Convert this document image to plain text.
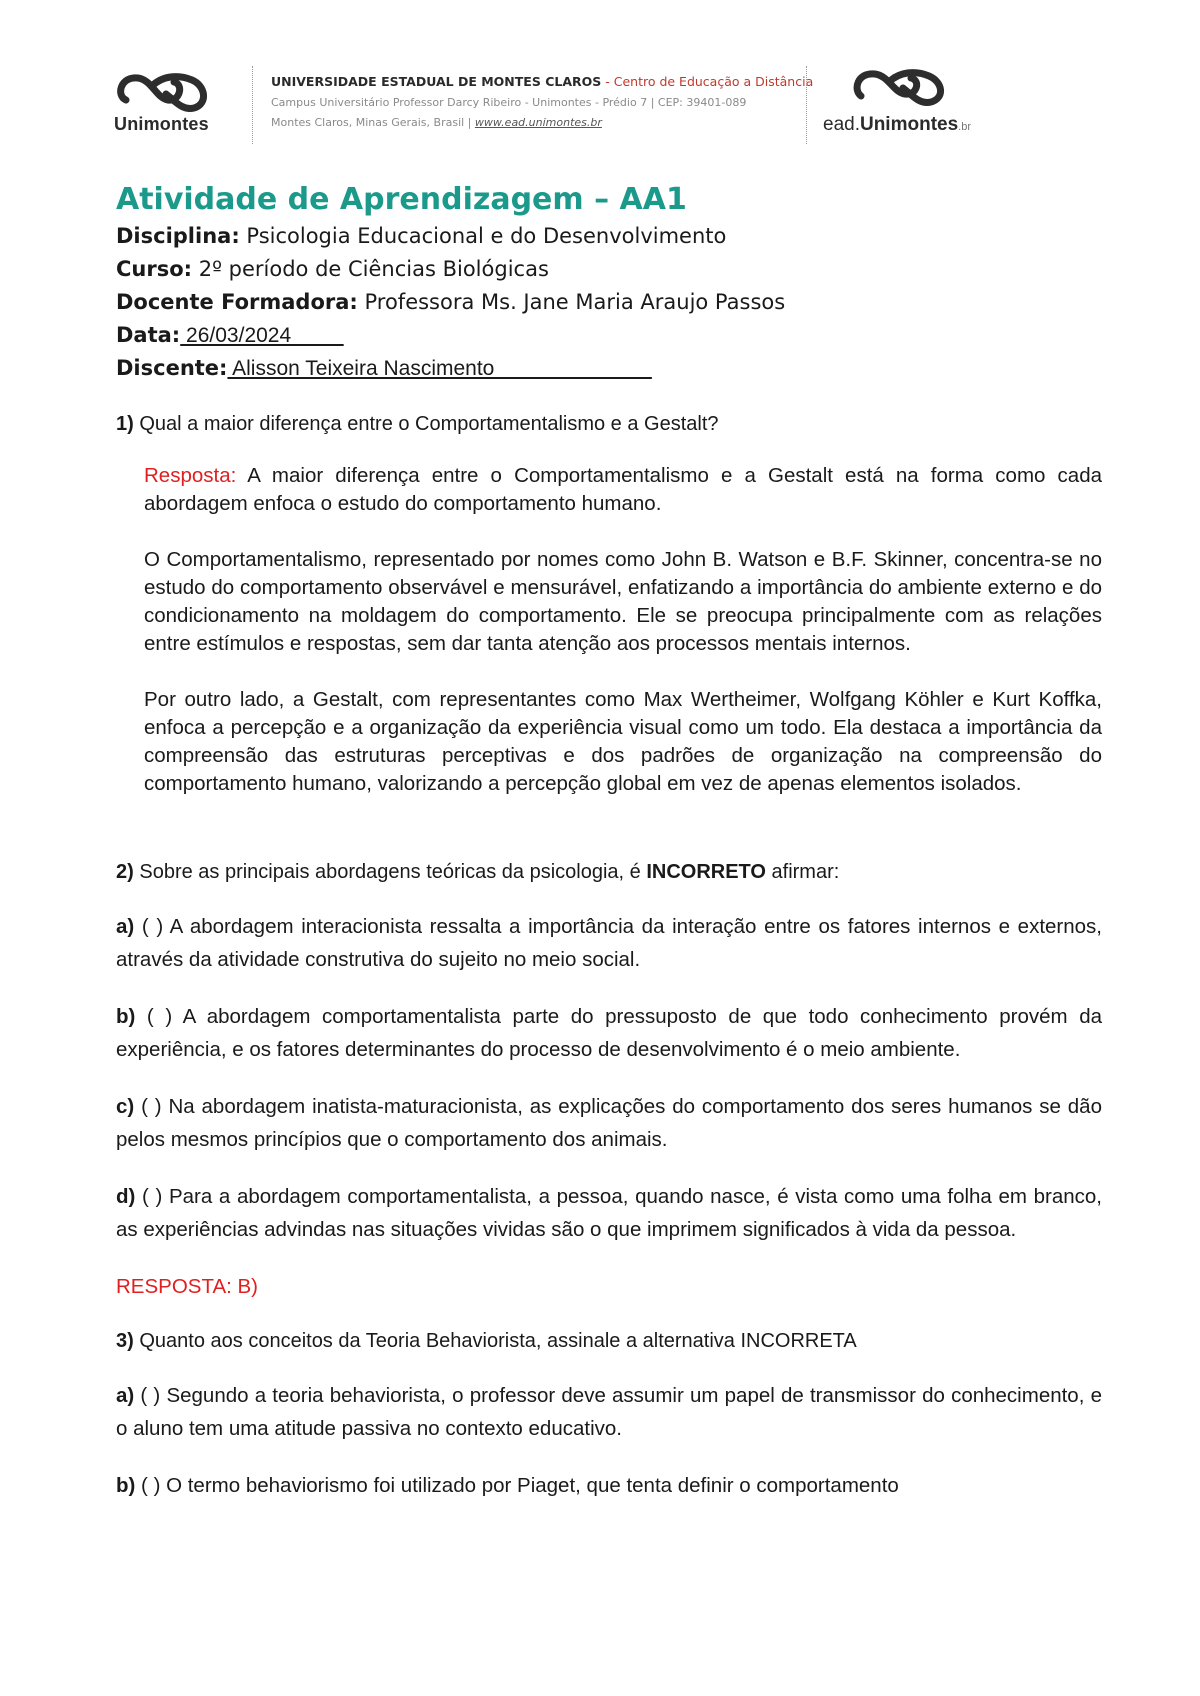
Unimontes
UNIVERSIDADE ESTADUAL DE MONTES CLAROS - Centro de Educação a Distância
Campus Universitário Professor Darcy Ribeiro - Unimontes - Prédio 7 | CEP: 39401-089
Montes Claros, Minas Gerais, Brasil | www.ead.unimontes.br	ead.Unimontes.br
Atividade de Aprendizagem – AA1
Disciplina: Psicologia Educacional e do Desenvolvimento
Curso: 2º período de Ciências Biológicas
Docente Formadora: Professora Ms. Jane Maria Araujo Passos
Data: 26/03/2024
Discente: Alisson Teixeira Nascimento

1) Qual a maior diferença entre o Comportamentalismo e a Gestalt?

Resposta: A maior diferença entre o Comportamentalismo e a Gestalt está na forma como cada abordagem enfoca o estudo do comportamento humano.

O Comportamentalismo, representado por nomes como John B. Watson e B.F. Skinner, concentra-se no estudo do comportamento observável e mensurável, enfatizando a importância do ambiente externo e do condicionamento na moldagem do comportamento. Ele se preocupa principalmente com as relações entre estímulos e respostas, sem dar tanta atenção aos processos mentais internos.

Por outro lado, a Gestalt, com representantes como Max Wertheimer, Wolfgang Köhler e Kurt Koffka, enfoca a percepção e a organização da experiência visual como um todo. Ela destaca a importância da compreensão das estruturas perceptivas e dos padrões de organização na compreensão do comportamento humano, valorizando a percepção global em vez de apenas elementos isolados.

2) Sobre as principais abordagens teóricas da psicologia, é INCORRETO afirmar:

a) ( ) A abordagem interacionista ressalta a importância da interação entre os fatores internos e externos, através da atividade construtiva do sujeito no meio social.

b) ( ) A abordagem comportamentalista parte do pressuposto de que todo conhecimento provém da experiência, e os fatores determinantes do processo de desenvolvimento é o meio ambiente.

c) ( ) Na abordagem inatista-maturacionista, as explicações do comportamento dos seres humanos se dão pelos mesmos princípios que o comportamento dos animais.

d) ( ) Para a abordagem comportamentalista, a pessoa, quando nasce, é vista como uma folha em branco, as experiências advindas nas situações vividas são o que imprimem significados à vida da pessoa.

RESPOSTA: B)

3) Quanto aos conceitos da Teoria Behaviorista, assinale a alternativa INCORRETA

a) ( ) Segundo a teoria behaviorista, o professor deve assumir um papel de transmissor do conhecimento, e o aluno tem uma atitude passiva no contexto educativo.

b) ( ) O termo behaviorismo foi utilizado por Piaget, que tenta definir o comportamento
